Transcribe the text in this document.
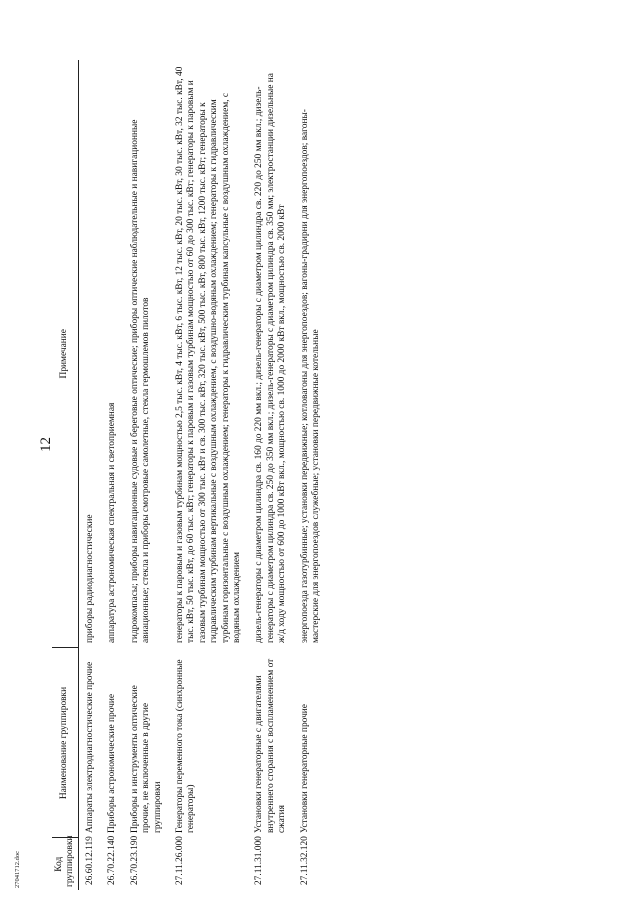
12
Код группировки	Наименование группировки	Примечание
26.60.12.119	Аппараты электродиагностические прочие	приборы радиодиагностические
26.70.22.140	Приборы астрономические прочие	аппаратура астрономическая спектральная и светоприемная
26.70.23.190	Приборы и инструменты оптические прочие, не включенные в другие группировки	гидрокомпасы; приборы навигационные судовые и береговые оптические; приборы оптические наблюдательные и навигационные авиационные; стекла и приборы смотровые самолетные, стекла гермошлемов пилотов
27.11.26.000	Генераторы переменного тока (синхронные генераторы)	генераторы к паровым и газовым турбинам мощностью 2,5 тыс. кВт, 4 тыс. кВт, 6 тыс. кВт, 12 тыс. кВт, 20 тыс. кВт, 30 тыс. кВт, 32 тыс. кВт, 40 тыс. кВт, 50 тыс. кВт, до 60 тыс. кВт; генераторы к паровым и газовым турбинам мощностью от 60 до 300 тыс. кВт; генераторы к паровым и газовым турбинам мощностью от 300 тыс. кВт и св. 300 тыс. кВт, 320 тыс. кВт, 500 тыс. кВт, 800 тыс. кВт, 1200 тыс. кВт; генераторы к гидравлическим турбинам вертикальные с воздушным охлаждением, с воздушно-водяным охлаждением; генераторы к гидравлическим турбинам горизонтальные с воздушным охлаждением; генераторы к гидравлическим турбинам капсульные с воздушным охлаждением, с водяным охлаждением
27.11.31.000	Установки генераторные с двигателями внутреннего сгорания с воспламенением от сжатия	дизель-генераторы с диаметром цилиндра св. 160 до 220 мм вкл.; дизель-генераторы с диаметром цилиндра св. 220 до 250 мм вкл.; дизель-генераторы с диаметром цилиндра св. 250 до 350 мм вкл.; дизель-генераторы с диаметром цилиндра св. 350 мм; электростанции дизельные на ж/д ходу мощностью от 600 до 1000 кВт вкл., мощностью св. 1000 до 2000 кВт вкл., мощностью св. 2000 кВт
27.11.32.120	Установки генераторные прочие	энергопоезда газотурбинные; установки передвижные; котловагоны для энергопоездов; вагоны-градирни для энергопоездов; вагоны-мастерские для энергопоездов служебные; установки передвижные котельные
27041712.doc
